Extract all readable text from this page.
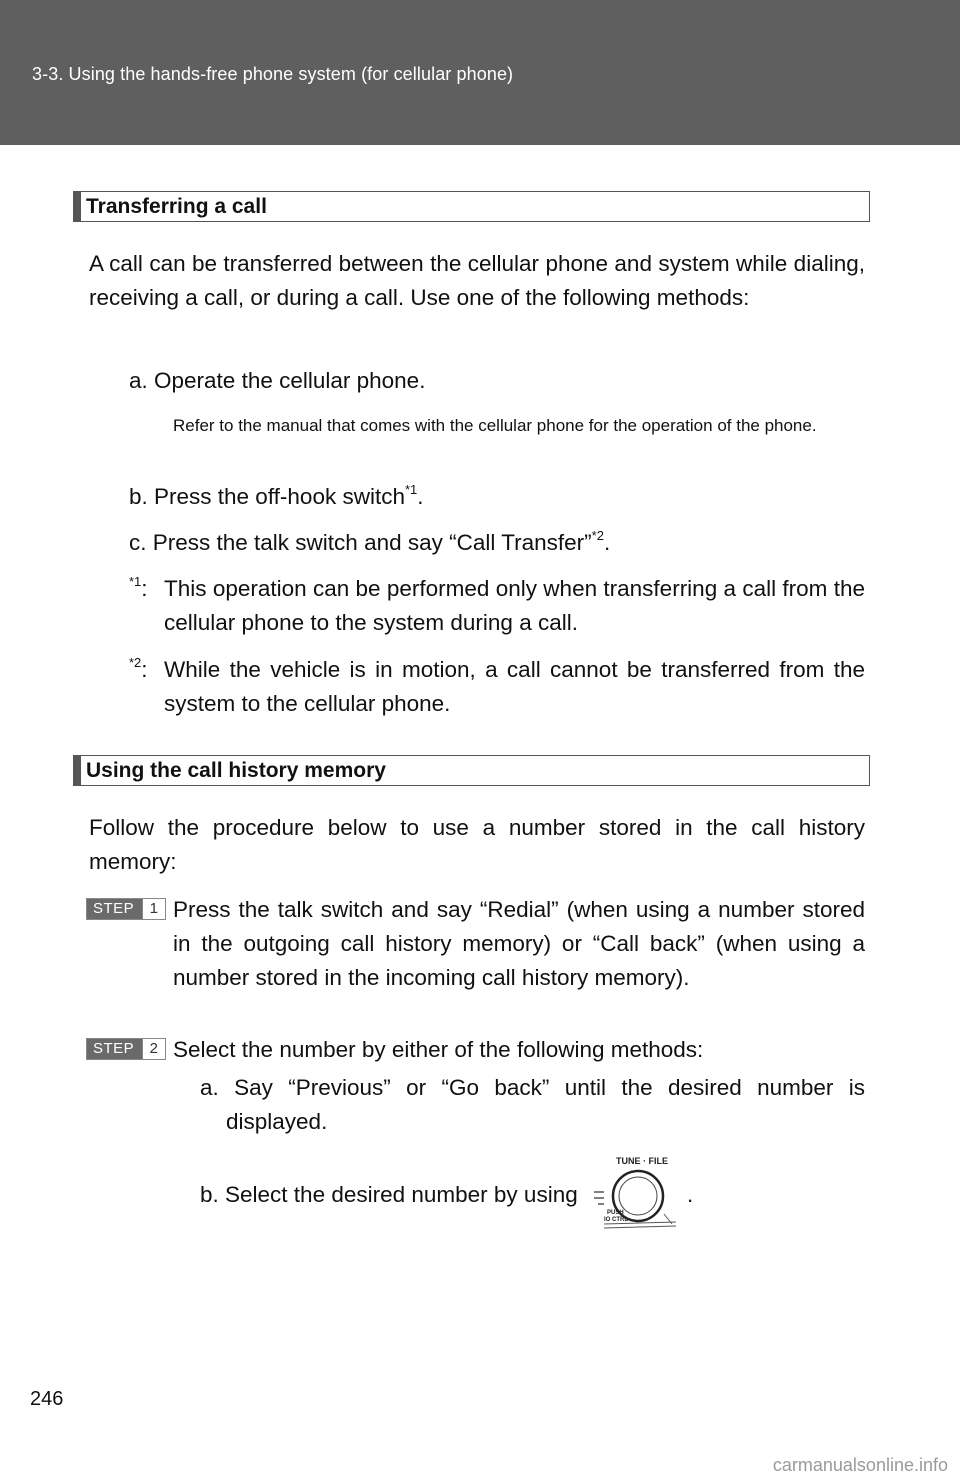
3-3. Using the hands-free phone system (for cellular phone)
Transferring a call
A call can be transferred between the cellular phone and system while dialing, receiving a call, or during a call. Use one of the following methods:
a. Operate the cellular phone.
Refer to the manual that comes with the cellular phone for the operation of the phone.
b. Press the off-hook switch$^{*1}$.
c. Press the talk switch and say “Call Transfer”$^{*2}$.
$^{*1}$: This operation can be performed only when transferring a call from the cellular phone to the system during a call.
$^{*2}$: While the vehicle is in motion, a call cannot be transferred from the system to the cellular phone.
Using the call history memory
Follow the procedure below to use a number stored in the call history memory:
STEP	1 Press the talk switch and say “Redial” (when using a number stored in the outgoing call history memory) or “Call back” (when using a number stored in the incoming call history memory).
STEP	2 Select the number by either of the following methods:
a. Say “Previous” or “Go back” until the desired number is displayed.
b. Select the desired number by using	.
TUNE · FILE
PUSH
IO CTRL
246
carmanualsonline.info
